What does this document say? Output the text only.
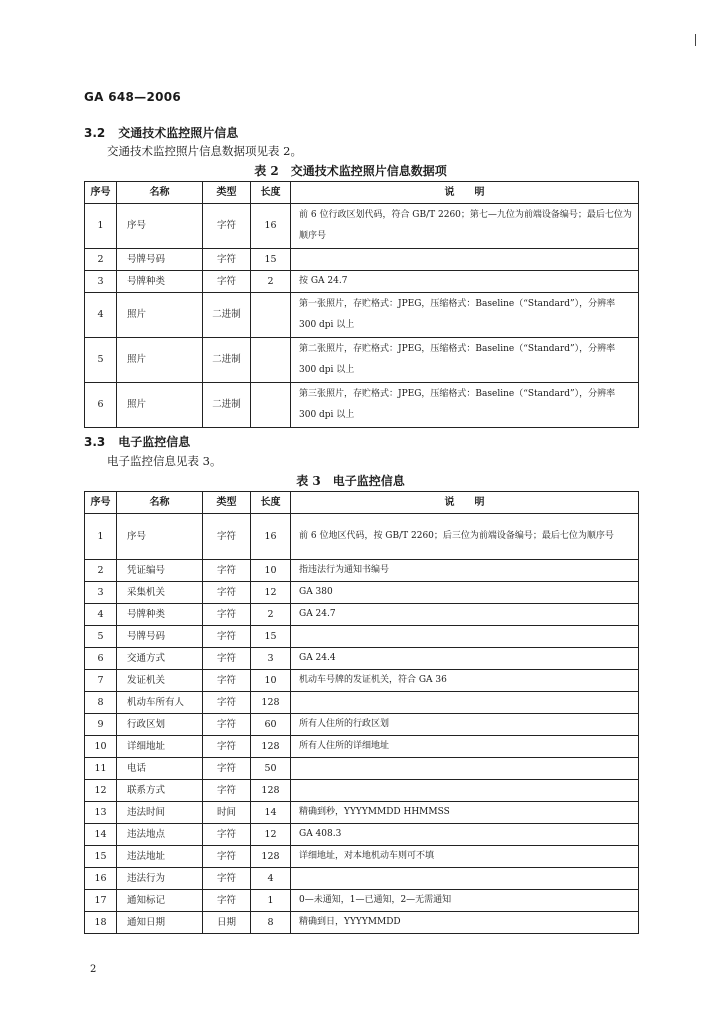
GA 648—2006
3.2 交通技术监控照片信息
交通技术监控照片信息数据项见表 2。
表 2　交通技术监控照片信息数据项
序号	名称	类型	长度	说　　明
1	序号	字符	16	前 6 位行政区划代码，符合 GB/T 2260；第七—九位为前端设备编号；最后七位为顺序号
2	号牌号码	字符	15	
3	号牌种类	字符	2	按 GA 24.7
4	照片	二进制		第一张照片，存贮格式：JPEG，压缩格式：Baseline（“Standard”），分辨率 300 dpi 以上
5	照片	二进制		第二张照片，存贮格式：JPEG，压缩格式：Baseline（“Standard”），分辨率 300 dpi 以上
6	照片	二进制		第三张照片，存贮格式：JPEG，压缩格式：Baseline（“Standard”），分辨率 300 dpi 以上
3.3 电子监控信息
电子监控信息见表 3。
表 3　电子监控信息
序号	名称	类型	长度	说　　明
1	序号	字符	16	前 6 位地区代码，按 GB/T 2260；后三位为前端设备编号；最后七位为顺序号
2	凭证编号	字符	10	指违法行为通知书编号
3	采集机关	字符	12	GA 380
4	号牌种类	字符	2	GA 24.7
5	号牌号码	字符	15	
6	交通方式	字符	3	GA 24.4
7	发证机关	字符	10	机动车号牌的发证机关，符合 GA 36
8	机动车所有人	字符	128	
9	行政区划	字符	60	所有人住所的行政区划
10	详细地址	字符	128	所有人住所的详细地址
11	电话	字符	50	
12	联系方式	字符	128	
13	违法时间	时间	14	精确到秒，YYYYMMDD HHMMSS
14	违法地点	字符	12	GA 408.3
15	违法地址	字符	128	详细地址，对本地机动车则可不填
16	违法行为	字符	4	
17	通知标记	字符	1	0—未通知，1—已通知，2—无需通知
18	通知日期	日期	8	精确到日，YYYYMMDD
2
